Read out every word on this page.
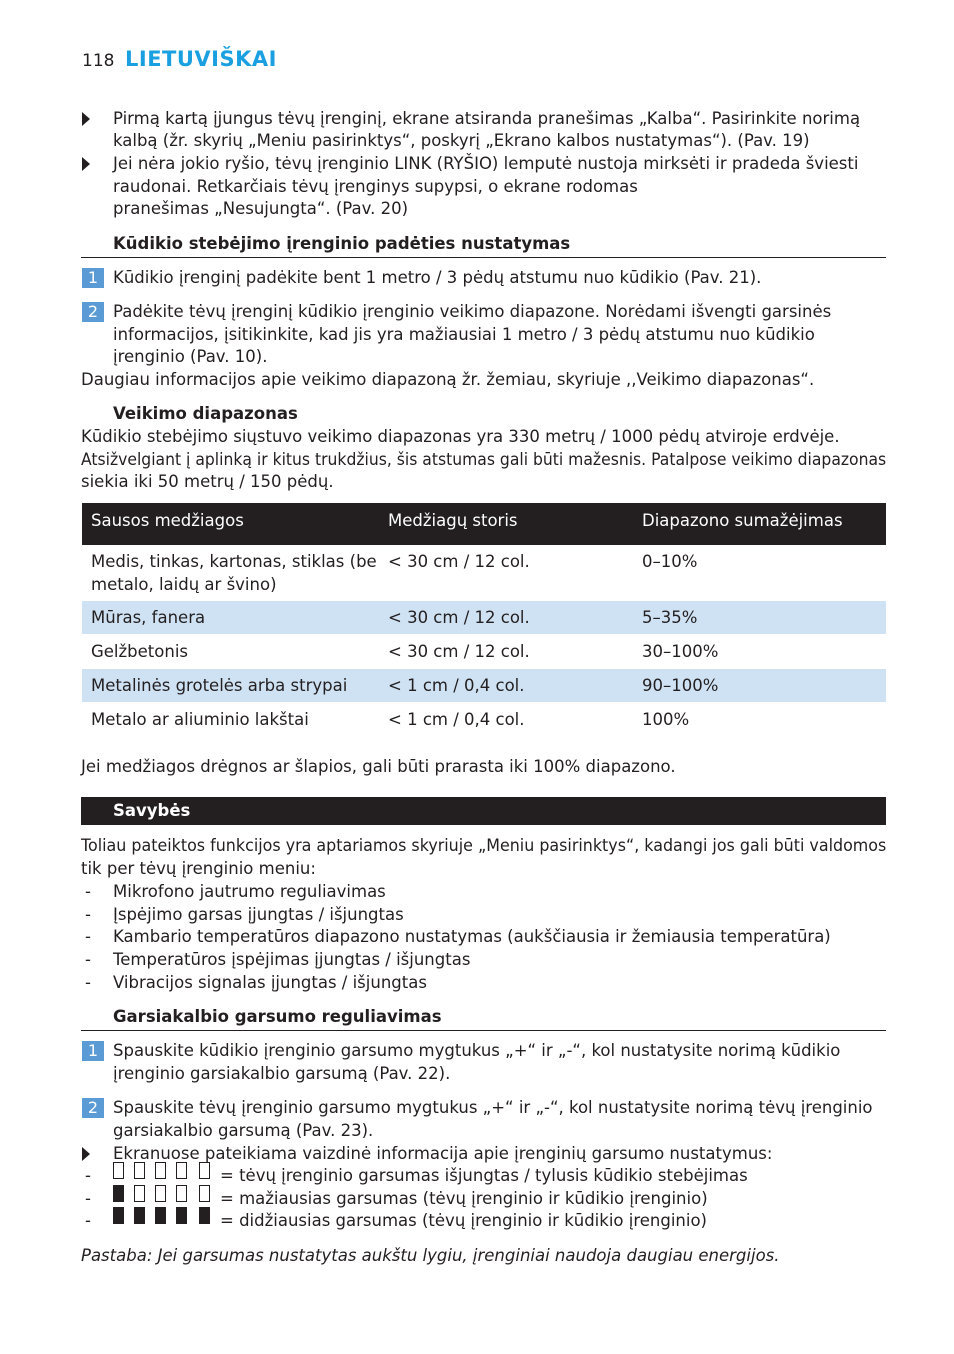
118 LIETUVIŠKAI
Pirmą kartą įjungus tėvų įrenginį, ekrane atsiranda pranešimas „Kalba“. Pasirinkite norimą
kalbą (žr. skyrių „Meniu pasirinktys“, poskyrį „Ekrano kalbos nustatymas“). (Pav. 19)
Jei nėra jokio ryšio, tėvų įrenginio LINK (RYŠIO) lemputė nustoja mirksėti ir pradeda šviesti
raudonai. Retkarčiais tėvų įrenginys supypsi, o ekrane rodomas
pranešimas „Nesujungta“. (Pav. 20)
Kūdikio stebėjimo įrenginio padėties nustatymas
1 Kūdikio įrenginį padėkite bent 1 metro / 3 pėdų atstumu nuo kūdikio (Pav. 21).
2 Padėkite tėvų įrenginį kūdikio įrenginio veikimo diapazone. Norėdami išvengti garsinės
informacijos, įsitikinkite, kad jis yra mažiausiai 1 metro / 3 pėdų atstumu nuo kūdikio
įrenginio (Pav. 10).
Daugiau informacijos apie veikimo diapazoną žr. žemiau, skyriuje ,,Veikimo diapazonas“.
Veikimo diapazonas
Kūdikio stebėjimo siųstuvo veikimo diapazonas yra 330 metrų / 1000 pėdų atviroje erdvėje.
Atsižvelgiant į aplinką ir kitus trukdžius, šis atstumas gali būti mažesnis. Patalpose veikimo diapazonas
siekia iki 50 metrų / 150 pėdų.
Sausos medžiagos	Medžiagų storis	Diapazono sumažėjimas
Medis, tinkas, kartonas, stiklas (be
metalo, laidų ar švino)
< 30 cm / 12 col.	0–10%
Mūras, fanera	< 30 cm / 12 col.	5–35%
Gelžbetonis	< 30 cm / 12 col.	30–100%
Metalinės grotelės arba strypai < 1 cm / 0,4 col.	90–100%
Metalo ar aliuminio lakštai	< 1 cm / 0,4 col.	100%
Jei medžiagos drėgnos ar šlapios, gali būti prarasta iki 100% diapazono.
Savybės
Toliau pateiktos funkcijos yra aptariamos skyriuje „Meniu pasirinktys“, kadangi jos gali būti valdomos
tik per tėvų įrenginio meniu:
- Mikrofono jautrumo reguliavimas
- Įspėjimo garsas įjungtas / išjungtas
- Kambario temperatūros diapazono nustatymas (aukščiausia ir žemiausia temperatūra)
- Temperatūros įspėjimas įjungtas / išjungtas
- Vibracijos signalas įjungtas / išjungtas
Garsiakalbio garsumo reguliavimas
1 Spauskite kūdikio įrenginio garsumo mygtukus „+“ ir „-“, kol nustatysite norimą kūdikio
įrenginio garsiakalbio garsumą (Pav. 22).
2 Spauskite tėvų įrenginio garsumo mygtukus „+“ ir „-“, kol nustatysite norimą tėvų įrenginio
garsiakalbio garsumą (Pav. 23).
Ekranuose pateikiama vaizdinė informacija apie įrenginių garsumo nustatymus:
-	= tėvų įrenginio garsumas išjungtas / tylusis kūdikio stebėjimas
-	= mažiausias garsumas (tėvų įrenginio ir kūdikio įrenginio)
-	= didžiausias garsumas (tėvų įrenginio ir kūdikio įrenginio)
Pastaba: Jei garsumas nustatytas aukštu lygiu, įrenginiai naudoja daugiau energijos.
